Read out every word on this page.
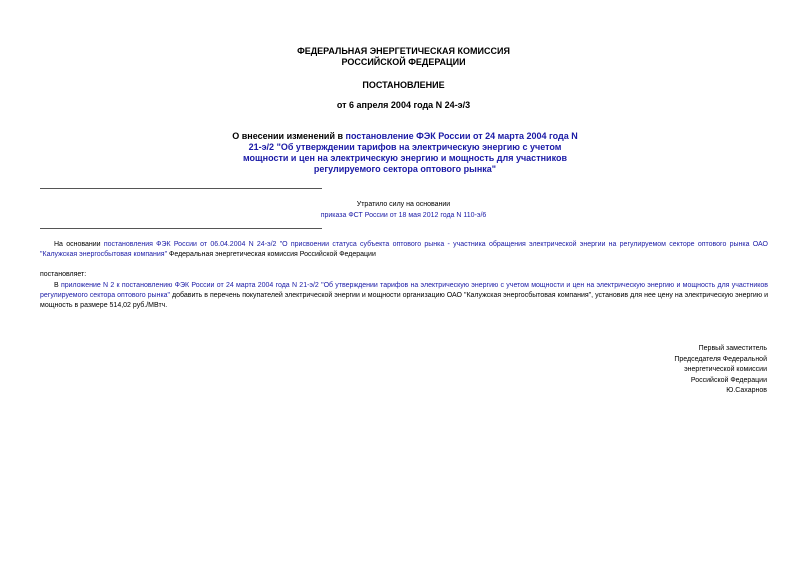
ФЕДЕРАЛЬНАЯ ЭНЕРГЕТИЧЕСКАЯ КОМИССИЯ
РОССИЙСКОЙ ФЕДЕРАЦИИ
ПОСТАНОВЛЕНИЕ
от 6 апреля 2004 года N 24-э/3
О внесении изменений в постановление ФЭК России от 24 марта 2004 года N 21-э/2 "Об утверждении тарифов на электрическую энергию с учетом мощности и цен на электрическую энергию и мощность для участников регулируемого сектора оптового рынка"
Утратило силу на основании
приказа ФСТ России от 18 мая 2012 года N 110-э/6
На основании постановления ФЭК России от 06.04.2004 N 24-э/2 "О присвоении статуса субъекта оптового рынка - участника обращения электрической энергии на регулируемом секторе оптового рынка ОАО "Калужская энергосбытовая компания" Федеральная энергетическая комиссия Российской Федерации
постановляет:
В приложение N 2 к постановлению ФЭК России от 24 марта 2004 года N 21-э/2 "Об утверждении тарифов на электрическую энергию с учетом мощности и цен на электрическую энергию и мощность для участников регулируемого сектора оптового рынка" добавить в перечень покупателей электрической энергии и мощности организацию ОАО "Калужская энергосбытовая компания", установив для нее цену на электрическую энергию и мощность в размере 514,02 руб./МВтч.
Первый заместитель
Председателя Федеральной
энергетической комиссии
Российской Федерации
Ю.Сахарнов
